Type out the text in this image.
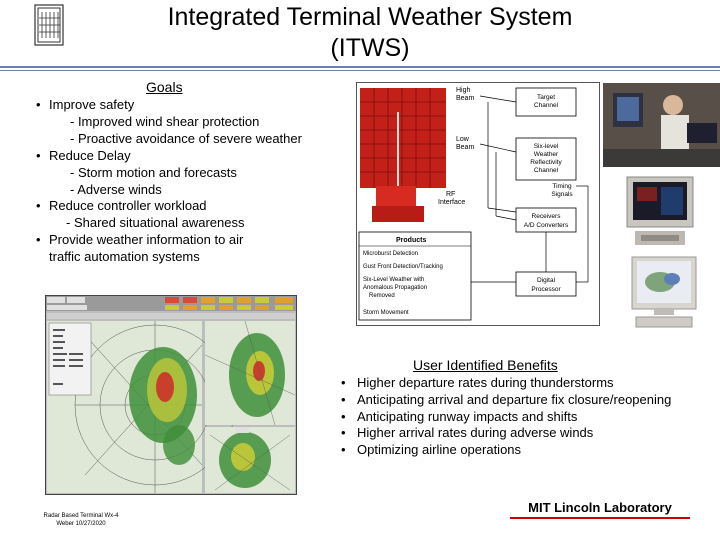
Integrated Terminal Weather System
(ITWS)
Goals
• Improve safety
- Improved wind shear protection
- Proactive avoidance of severe weather
• Reduce Delay
- Storm motion and forecasts
- Adverse winds
• Reduce controller workload
- Shared situational awareness
• Provide weather information to air
traffic automation systems
High Beam
Low Beam
RF Interface
Target Channel
Six-level Weather Reflectivity Channel
Timing Signals
Receivers A/D Converters
Digital Processor
Products
Microburst Detection Gust Front Detection/Tracking Six-Level Weather with Anomalous Propagation Removed Storm Movement
User Identified Benefits
• Higher departure rates during thunderstorms
• Anticipating arrival and departure fix closure/reopening
• Anticipating runway impacts and shifts
• Higher arrival rates during adverse winds
• Optimizing airline operations
Radar Based Terminal Wx-4
Weber 10/27/2020
MIT Lincoln Laboratory
